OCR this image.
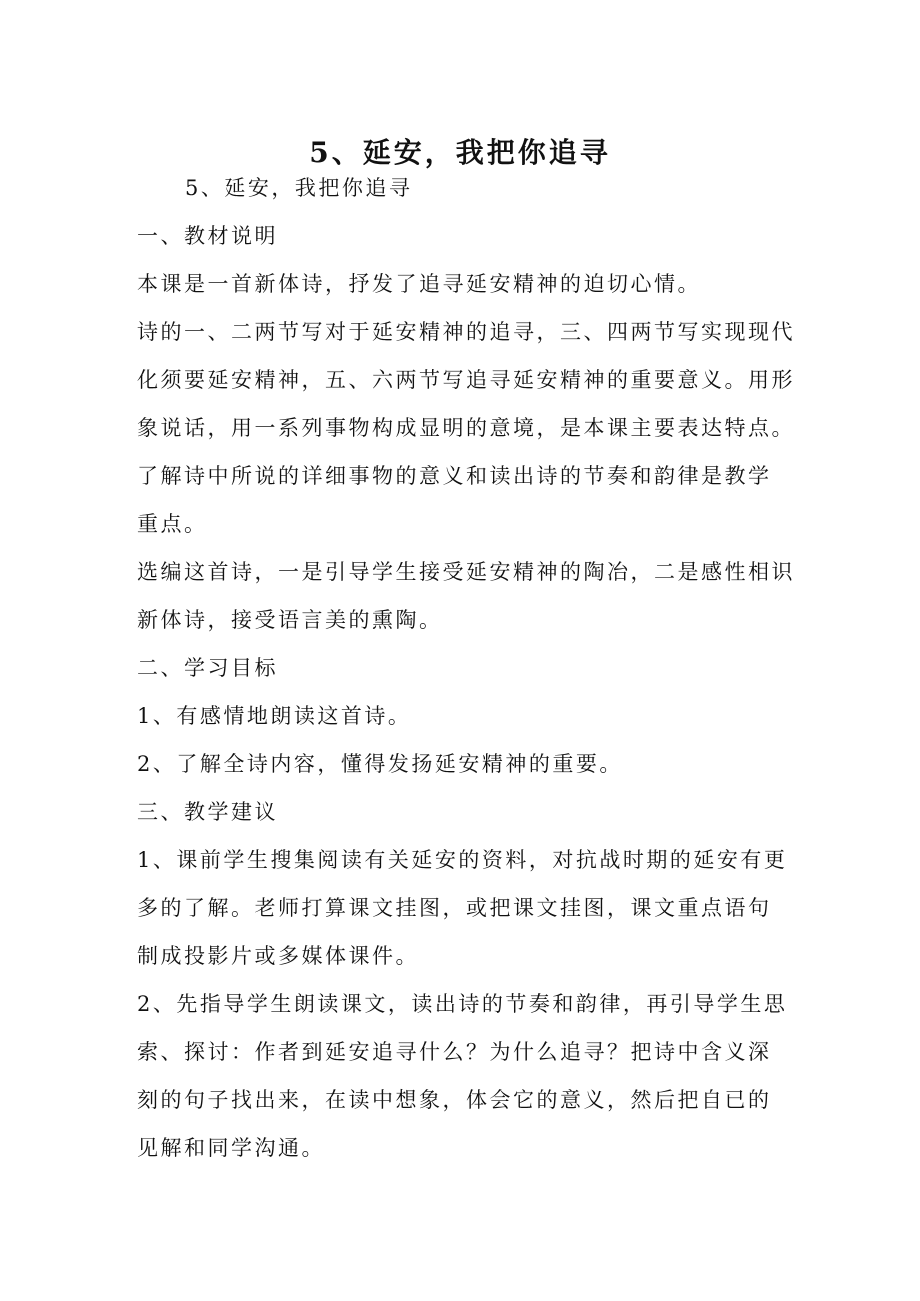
5、延安，我把你追寻

5、延安，我把你追寻

一、教材说明

本课是一首新体诗，抒发了追寻延安精神的迫切心情。

诗的一、二两节写对于延安精神的追寻，三、四两节写实现现代

化须要延安精神，五、六两节写追寻延安精神的重要意义。用形

象说话，用一系列事物构成显明的意境，是本课主要表达特点。

了解诗中所说的详细事物的意义和读出诗的节奏和韵律是教学

重点。

选编这首诗，一是引导学生接受延安精神的陶冶，二是感性相识

新体诗，接受语言美的熏陶。

二、学习目标

1、有感情地朗读这首诗。

2、了解全诗内容，懂得发扬延安精神的重要。

三、教学建议

1、课前学生搜集阅读有关延安的资料，对抗战时期的延安有更

多的了解。老师打算课文挂图，或把课文挂图，课文重点语句

制成投影片或多媒体课件。

2、先指导学生朗读课文，读出诗的节奏和韵律，再引导学生思

索、探讨：作者到延安追寻什么？为什么追寻？把诗中含义深

刻的句子找出来，在读中想象，体会它的意义，然后把自已的

见解和同学沟通。
